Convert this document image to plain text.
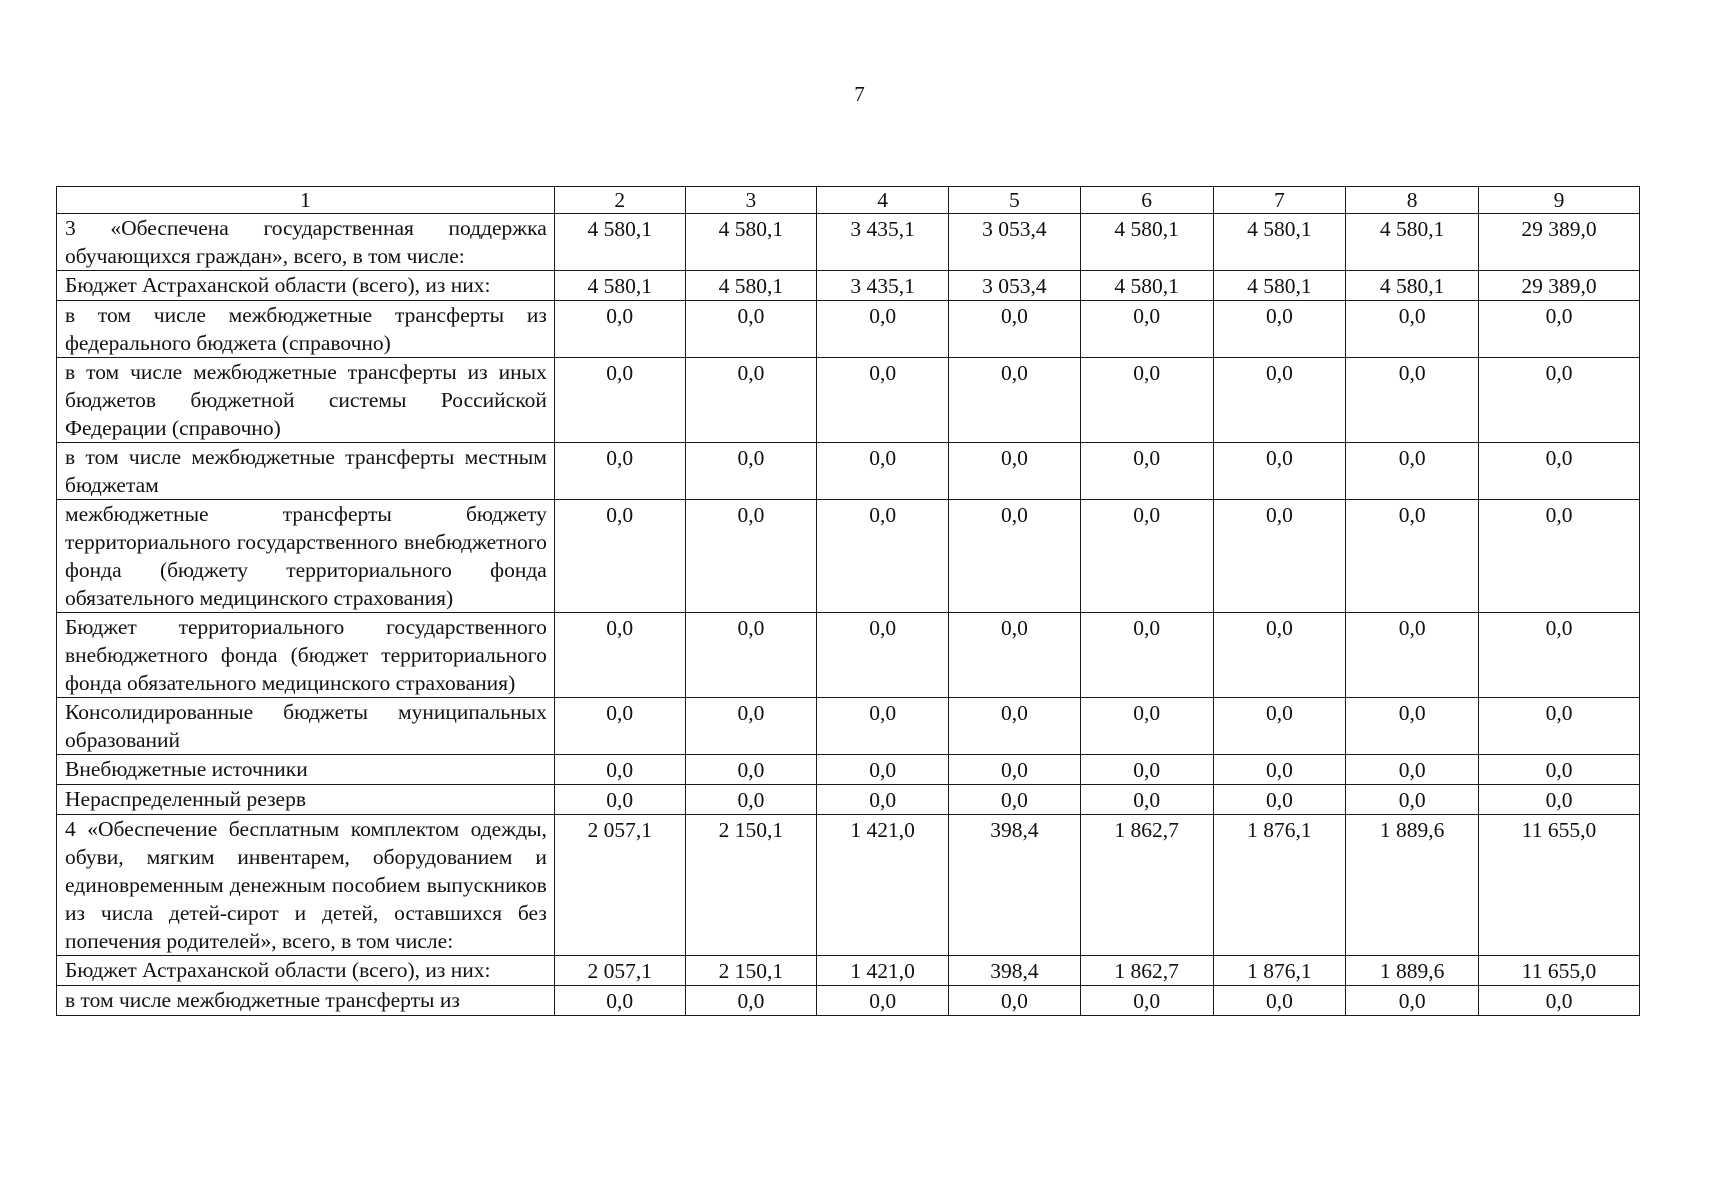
7
1	2	3	4	5	6	7	8	9
3 «Обеспечена государственная поддержка обучающихся граждан», всего, в том числе:	4 580,1	4 580,1	3 435,1	3 053,4	4 580,1	4 580,1	4 580,1	29 389,0
Бюджет Астраханской области (всего), из них:	4 580,1	4 580,1	3 435,1	3 053,4	4 580,1	4 580,1	4 580,1	29 389,0
в том числе межбюджетные трансферты из федерального бюджета (справочно)	0,0	0,0	0,0	0,0	0,0	0,0	0,0	0,0
в том числе межбюджетные трансферты из иных бюджетов бюджетной системы Российской Федерации (справочно)	0,0	0,0	0,0	0,0	0,0	0,0	0,0	0,0
в том числе межбюджетные трансферты местным бюджетам	0,0	0,0	0,0	0,0	0,0	0,0	0,0	0,0
межбюджетные трансферты бюджету территориального государственного внебюджетного фонда (бюджету территориального фонда обязательного медицинского страхования)	0,0	0,0	0,0	0,0	0,0	0,0	0,0	0,0
Бюджет территориального государственного внебюджетного фонда (бюджет территориального фонда обязательного медицинского страхования)	0,0	0,0	0,0	0,0	0,0	0,0	0,0	0,0
Консолидированные бюджеты муниципальных образований	0,0	0,0	0,0	0,0	0,0	0,0	0,0	0,0
Внебюджетные источники	0,0	0,0	0,0	0,0	0,0	0,0	0,0	0,0
Нераспределенный резерв	0,0	0,0	0,0	0,0	0,0	0,0	0,0	0,0
4 «Обеспечение бесплатным комплектом одежды, обуви, мягким инвентарем, оборудованием и единовременным денежным пособием выпускников из числа детей-сирот и детей, оставшихся без попечения родителей», всего, в том числе:	2 057,1	2 150,1	1 421,0	398,4	1 862,7	1 876,1	1 889,6	11 655,0
Бюджет Астраханской области (всего), из них:	2 057,1	2 150,1	1 421,0	398,4	1 862,7	1 876,1	1 889,6	11 655,0
в том числе межбюджетные трансферты из	0,0	0,0	0,0	0,0	0,0	0,0	0,0	0,0
